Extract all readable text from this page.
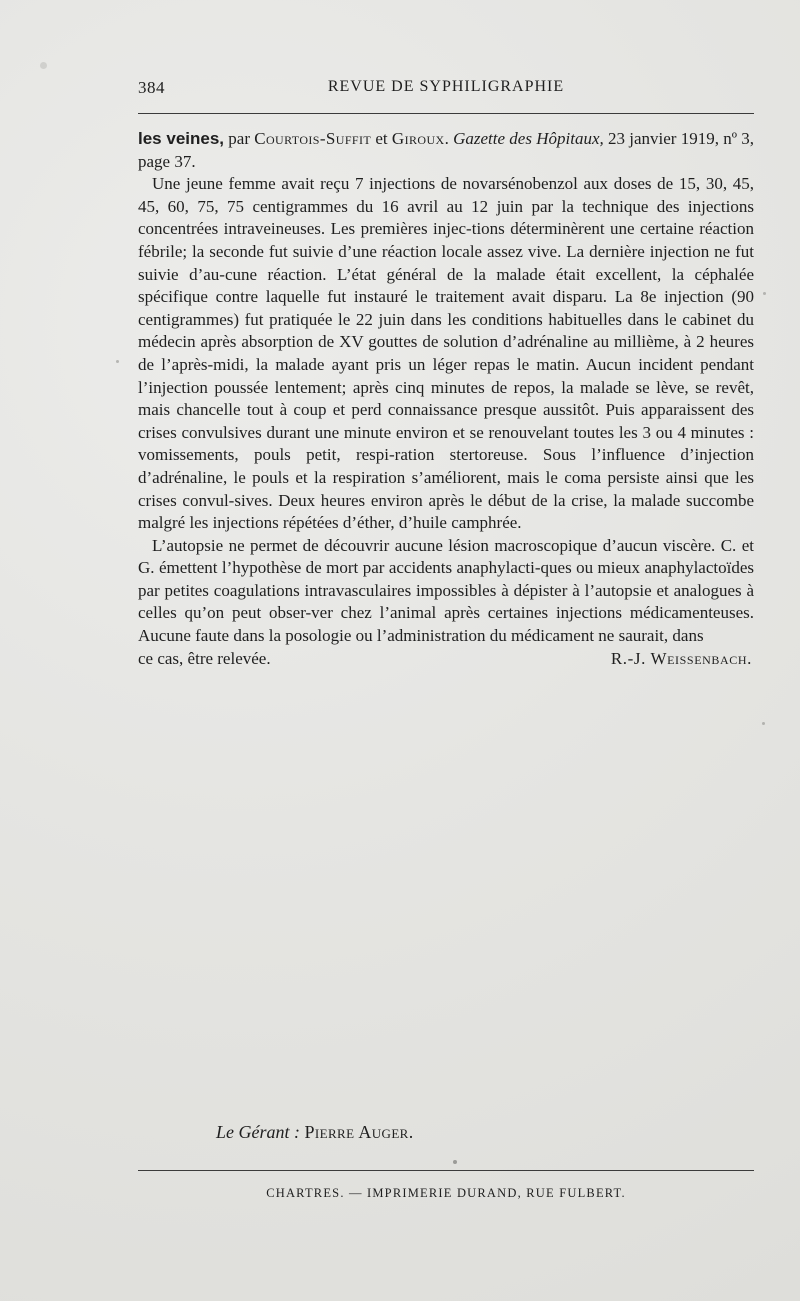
384	REVUE DE SYPHILIGRAPHIE

les veines, par Courtois-Suffit et Giroux. Gazette des Hôpitaux, 23 janvier 1919, nº 3, page 37.

Une jeune femme avait reçu 7 injections de novarsénobenzol aux doses de 15, 30, 45, 45, 60, 75, 75 centigrammes du 16 avril au 12 juin par la technique des injections concentrées intraveineuses. Les premières injec-tions déterminèrent une certaine réaction fébrile; la seconde fut suivie d’une réaction locale assez vive. La dernière injection ne fut suivie d’au-cune réaction. L’état général de la malade était excellent, la céphalée spécifique contre laquelle fut instauré le traitement avait disparu. La 8e injection (90 centigrammes) fut pratiquée le 22 juin dans les conditions habituelles dans le cabinet du médecin après absorption de XV gouttes de solution d’adrénaline au millième, à 2 heures de l’après-midi, la malade ayant pris un léger repas le matin. Aucun incident pendant l’injection poussée lentement; après cinq minutes de repos, la malade se lève, se revêt, mais chancelle tout à coup et perd connaissance presque aussitôt. Puis apparaissent des crises convulsives durant une minute environ et se renouvelant toutes les 3 ou 4 minutes : vomissements, pouls petit, respi-ration stertoreuse. Sous l’influence d’injection d’adrénaline, le pouls et la respiration s’améliorent, mais le coma persiste ainsi que les crises convul-sives. Deux heures environ après le début de la crise, la malade succombe malgré les injections répétées d’éther, d’huile camphrée.

L’autopsie ne permet de découvrir aucune lésion macroscopique d’aucun viscère. C. et G. émettent l’hypothèse de mort par accidents anaphylacti-ques ou mieux anaphylactoïdes par petites coagulations intravasculaires impossibles à dépister à l’autopsie et analogues à celles qu’on peut obser-ver chez l’animal après certaines injections médicamenteuses. Aucune faute dans la posologie ou l’administration du médicament ne saurait, dans

ce cas, être relevée.	R.-J. Weissenbach.
Le Gérant : Pierre Auger.
CHARTRES. — IMPRIMERIE DURAND, RUE FULBERT.
